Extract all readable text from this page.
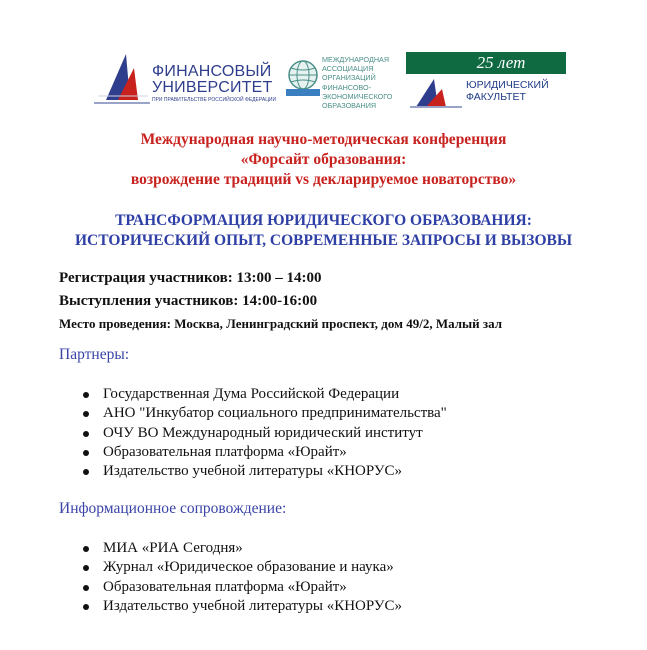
ФИНАНСОВЫЙ
УНИВЕРСИТЕТ
ПРИ ПРАВИТЕЛЬСТВЕ РОССИЙСКОЙ ФЕДЕРАЦИИ
МЕЖДУНАРОДНАЯ
АССОЦИАЦИЯ
ОРГАНИЗАЦИЙ
ФИНАНСОВО-
ЭКОНОМИЧЕСКОГО
ОБРАЗОВАНИЯ
25 лет
ЮРИДИЧЕСКИЙ
ФАКУЛЬТЕТ
Международная научно-методическая конференция
«Форсайт образования:
возрождение традиций vs декларируемое новаторство»
ТРАНСФОРМАЦИЯ ЮРИДИЧЕСКОГО ОБРАЗОВАНИЯ:
ИСТОРИЧЕСКИЙ ОПЫТ, СОВРЕМЕННЫЕ ЗАПРОСЫ И ВЫЗОВЫ
Регистрация участников: 13:00 – 14:00
Выступления участников: 14:00-16:00
Место проведения: Москва, Ленинградский проспект, дом 49/2, Малый зал
Партнеры:
Государственная Дума Российской Федерации
АНО "Инкубатор социального предпринимательства"
ОЧУ ВО Международный юридический институт
Образовательная платформа «Юрайт»
Издательство учебной литературы «КНОРУС»
Информационное сопровождение:
МИА «РИА Сегодня»
Журнал «Юридическое образование и наука»
Образовательная платформа «Юрайт»
Издательство учебной литературы «КНОРУС»
